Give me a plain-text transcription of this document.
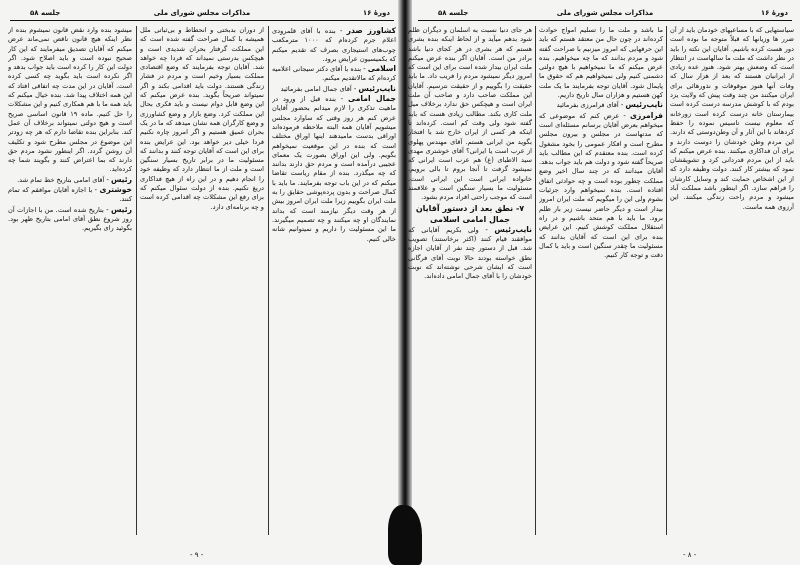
دورهٔ ۱۶
مذاکرات مجلس شورای ملی
جلسه ۵۸

کشاورز صدر - بنده با آقای قلمرودی اعلام جرم کرده‌ام که ۱۰۰۰ مترمکعب چوب‌های استیجاری بصرف که تقدیم میکنم که بکمیسیون عرایض برود.

اسلامی - بنده با آقای دکتر سیجانی اعلامیه کرده‌ام که مالاتقدیم میکنم.

نایب‌رئیس - آقای جمال امامی بفرمائید

جمال امامی - بنده قبل از ورود در ماهیت تذکری را لازم میدانم بحضور آقایان عرض کنم هر روز وقتی که ساوارد مجلس میشویم آقایان همه البته ملاحظه فرموده‌اند اوراقی بدست مامیدهند اینها اوراق مختلف است که بنده در این موقعیت نمیخواهم بگویم. ولی این اوراق بصورت یک معمای عجیبی درآمده است و مردم حق دارند بدانند که چه میگذرد. بنده از مقام ریاست تقاضا میکنم که در این باب توجه بفرمایند. ما باید با کمال صراحت و بدون پرده‌پوشی حقایق را به ملت ایران بگوییم زیرا ملت ایران امروز بیش از هر وقت دیگر نیازمند است که بداند نمایندگان او چه میکنند و چه تصمیم میگیرند. ما این مسئولیت را داریم و نمیتوانیم شانه خالی کنیم.

از دوران بدبختی و انحطاط و بی‌ثباتی ملل همیشه با کمال صراحت گفته شده است که این مملکت گرفتار بحران شدیدی است و هیچکس بدرستی نمیداند که فردا چه خواهد شد. آقایان توجه بفرمایند که وضع اقتصادی مملکت بسیار وخیم است و مردم در فشار زندگی هستند. دولت باید اقدامی بکند و اگر نمیتواند صریحاً بگوید. بنده عرض میکنم که این وضع قابل دوام نیست و باید فکری بحال این مملکت کرد. وضع بازار و وضع کشاورزی و وضع کارگران همه نشان میدهد که ما در یک بحران عمیق هستیم و اگر امروز چاره نکنیم فردا خیلی دیر خواهد بود. این عرایض بنده برای این است که آقایان توجه کنند و بدانند که مسئولیت ما در برابر تاریخ بسیار سنگین است و ملت از ما انتظار دارد که وظیفه خود را انجام دهیم و در این راه از هیچ فداکاری دریغ نکنیم. بنده از دولت سئوال میکنم که برای رفع این مشکلات چه اقدامی کرده است و چه برنامه‌ای دارد.

میشود بنده وارد نقض قانون نمیشوم بنده از نظر اینکه هیچ قانون ناقص نمی‌ماند عرض میکنم که آقایان تصدیق میفرمایند که این کار صحیح نبوده است و باید اصلاح شود. اگر دولت این کار را کرده است باید جواب بدهد و اگر نکرده است باید بگوید چه کسی کرده است. آقایان در این مدت چه اتفاقی افتاد که این همه اختلاف پیدا شد. بنده خیال میکنم که باید همه ما با هم همکاری کنیم و این مشکلات را حل کنیم. ماده ۱۹ قانون اساسی صریح است و هیچ دولتی نمیتواند برخلاف آن عمل کند. بنابراین بنده تقاضا دارم که هر چه زودتر این موضوع در مجلس مطرح شود و تکلیف آن روشن گردد. اگر اینطور نشود مردم حق دارند که بما اعتراض کنند و بگویند شما چه کرده‌اید.

رئیس - آقای امامی بتاریخ خط تمام شد.

خوشتری - با اجازه آقایان موافقم که تمام کنند.

رئیس - بتاریخ شده است. من با اجازات آن روز شروع نطق آقای امامی بتاریخ ظهر بود. بگوئید رای بگیریم.

- ۹ -
دورهٔ ۱۶
مذاکرات مجلس شورای ملی
جلسه ۵۸

سیاستهایی که با مساعیهای خودمان باید از آن ضرر ها وزیانها که قبلاً متوجه ما بوده است دور هست کرده باشیم. آقایان این نکته را باید در نظر داشت که ملت ما سالهاست در انتظار است که وضعش بهتر شود. هنوز عده زیادی از ایرانیان هستند که بعد از هزار سال که وفات آنها هنوز موقوفات و نذورهائی برای ایران میکنند من چند وقت پیش که ولایت یزد بودم که با کوشش مدرسه درست کرده است بیمارستان خانه درست کرده است زورخانه که معلوم نیست تاسیس نموده را حفظ کردهاند با این آثار و آن وطن‌دوستی که دارند. این مردم وطن خودشان را دوست دارند و برای آن فداکاری میکنند. بنده عرض میکنم که باید از این مردم قدردانی کرد و تشویقشان نمود که بیشتر کار کنند. دولت وظیفه دارد که از این اشخاص حمایت کند و وسایل کارشان را فراهم سازد. اگر اینطور باشد مملکت آباد میشود و مردم راحت زندگی میکنند. این آرزوی همه ماست.

ما باشد و ملت ما را تسلیم امواج حوادث کرده‌اند در چون حال من معتقد هستم که باید این حرفهایی که امروز میزنیم با صراحت گفته شود و مردم بدانند که ما چه میخواهیم. بنده عرض میکنم که ما نمیخواهیم با هیچ دولتی دشمنی کنیم ولی نمیخواهیم هم که حقوق ما پایمال شود. آقایان توجه بفرمایند ما یک ملت کهن هستیم و هزاران سال تاریخ داریم.

نایب‌رئیس - آقای فرامرزی بفرمائید

فرامرزی - عرض کنم که موضوعی که میخواهم بعرض آقایان برسانم مسئله‌ای است که مدتهاست در مجلس و بیرون مجلس مطرح است و افکار عمومی را بخود مشغول کرده است. بنده معتقدم که این مطالب باید صریحاً گفته شود و دولت هم باید جواب بدهد. آقایان میدانند که در چند سال اخیر وضع مملکت چطور بوده است و چه حوادثی اتفاق افتاده است. بنده نمیخواهم وارد جزئیات بشوم ولی این را میگویم که ملت ایران امروز بیدار است و دیگر حاضر نیست زیر بار ظلم برود. ما باید با هم متحد باشیم و در راه استقلال مملکت کوشش کنیم. این عرایض بنده برای این است که آقایان بدانند که مسئولیت ما چقدر سنگین است و باید با کمال دقت و توجه کار کنیم.

هر جای دنیا نسبت به اسلمان و دیگران ظلم شود بدهم میآید و از لحاظ اینکه بنده بشری هستم که هر بشری در هر کجای دنیا باشد برادر من است. آقایان اگر بنده عرض میکنم ملت ایران بیدار شده است برای این است که امروز دیگر نمیشود مردم را فریب داد. ما باید حقیقت را بگوییم و از حقیقت نترسیم. آقایان این مملکت صاحب دارد و صاحب آن ملت ایران است و هیچکس حق ندارد برخلاف میل ملت کاری بکند. مطالب زیادی هست که باید گفته شود ولی وقت کم است. کرده‌اند تا اینکه هر کسی از ایران خارج شد با افتخار بگوید من ایرانی هستم. آقای مهندس پهلوی از عرب است یا ایرانی؟ آقای خوشتری مهدی سید الاطبای (ع) هم عرب است ایرانی که نمیشود گرفت تا آنجا بروم تا بالی برویم. خانواده ایرانی است این ایرانی است. مسئولیت ما بسیار سنگین است و علاقمند است که موجب راحتی افراد مردم بشود.

۷- نطق بعد از دستور آقایان

جمال امامی اسلامی

نایب‌رئیس - ولی بکریم آقایانی که موافقند قیام کنند (اکثر برخاستند) تصویب شد. قبل از دستور چند نفر از آقایان اجازه نطق خواسته بودند حالا نوبت آقای فرگانی است که ایشان شرحی نوشته‌اند که نوبت خودشان را با آقای جمال امامی داده‌اند.

- ۸ -
